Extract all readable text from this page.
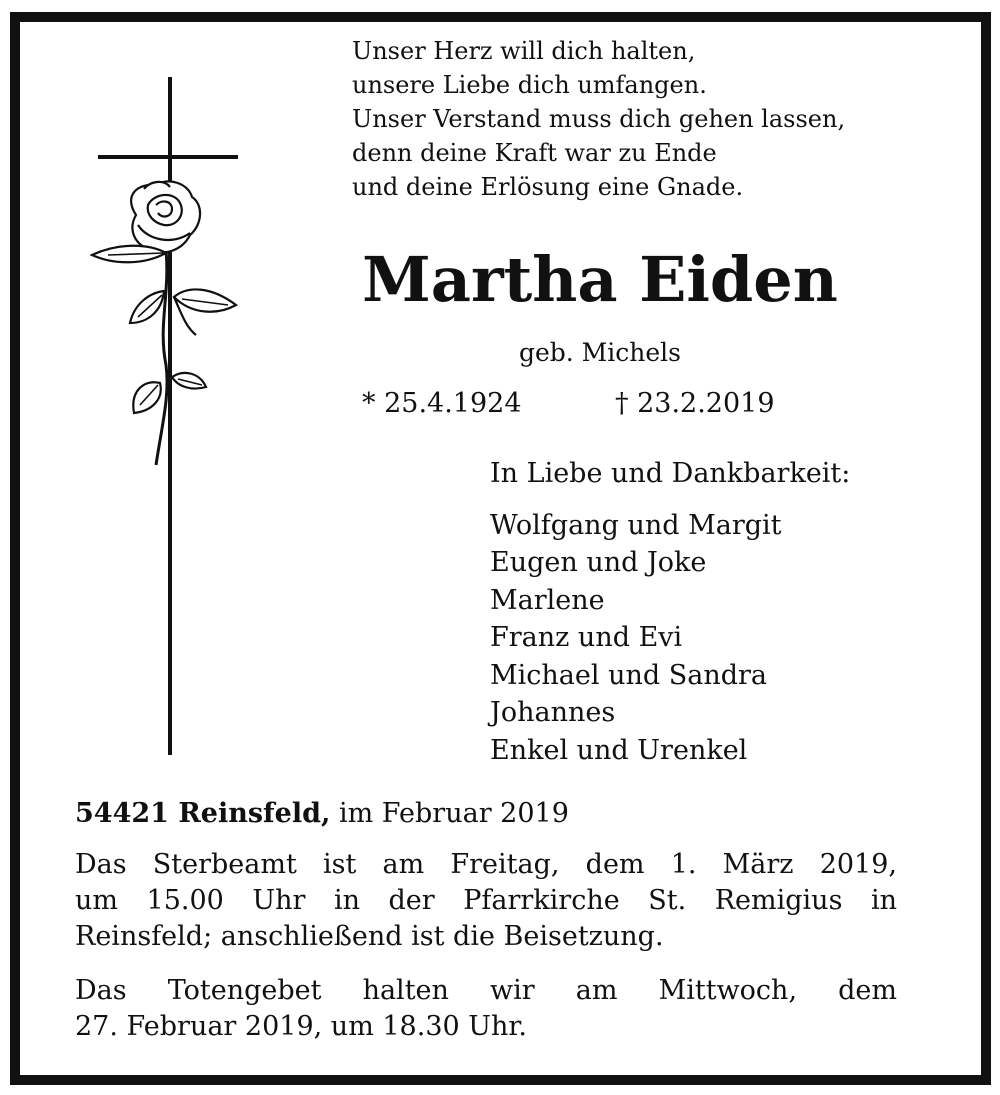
Unser Herz will dich halten,
unsere Liebe dich umfangen.
Unser Verstand muss dich gehen lassen,
denn deine Kraft war zu Ende
und deine Erlösung eine Gnade.
Martha Eiden
geb. Michels
* 25.4.1924	† 23.2.2019
In Liebe und Dankbarkeit:
Wolfgang und Margit
Eugen und Joke
Marlene
Franz und Evi
Michael und Sandra
Johannes
Enkel und Urenkel
54421 Reinsfeld, im Februar 2019
Das Sterbeamt ist am Freitag, dem 1. März 2019,
um 15.00 Uhr in der Pfarrkirche St. Remigius in
Reinsfeld; anschließend ist die Beisetzung.
Das Totengebet halten wir am Mittwoch, dem
27. Februar 2019, um 18.30 Uhr.
